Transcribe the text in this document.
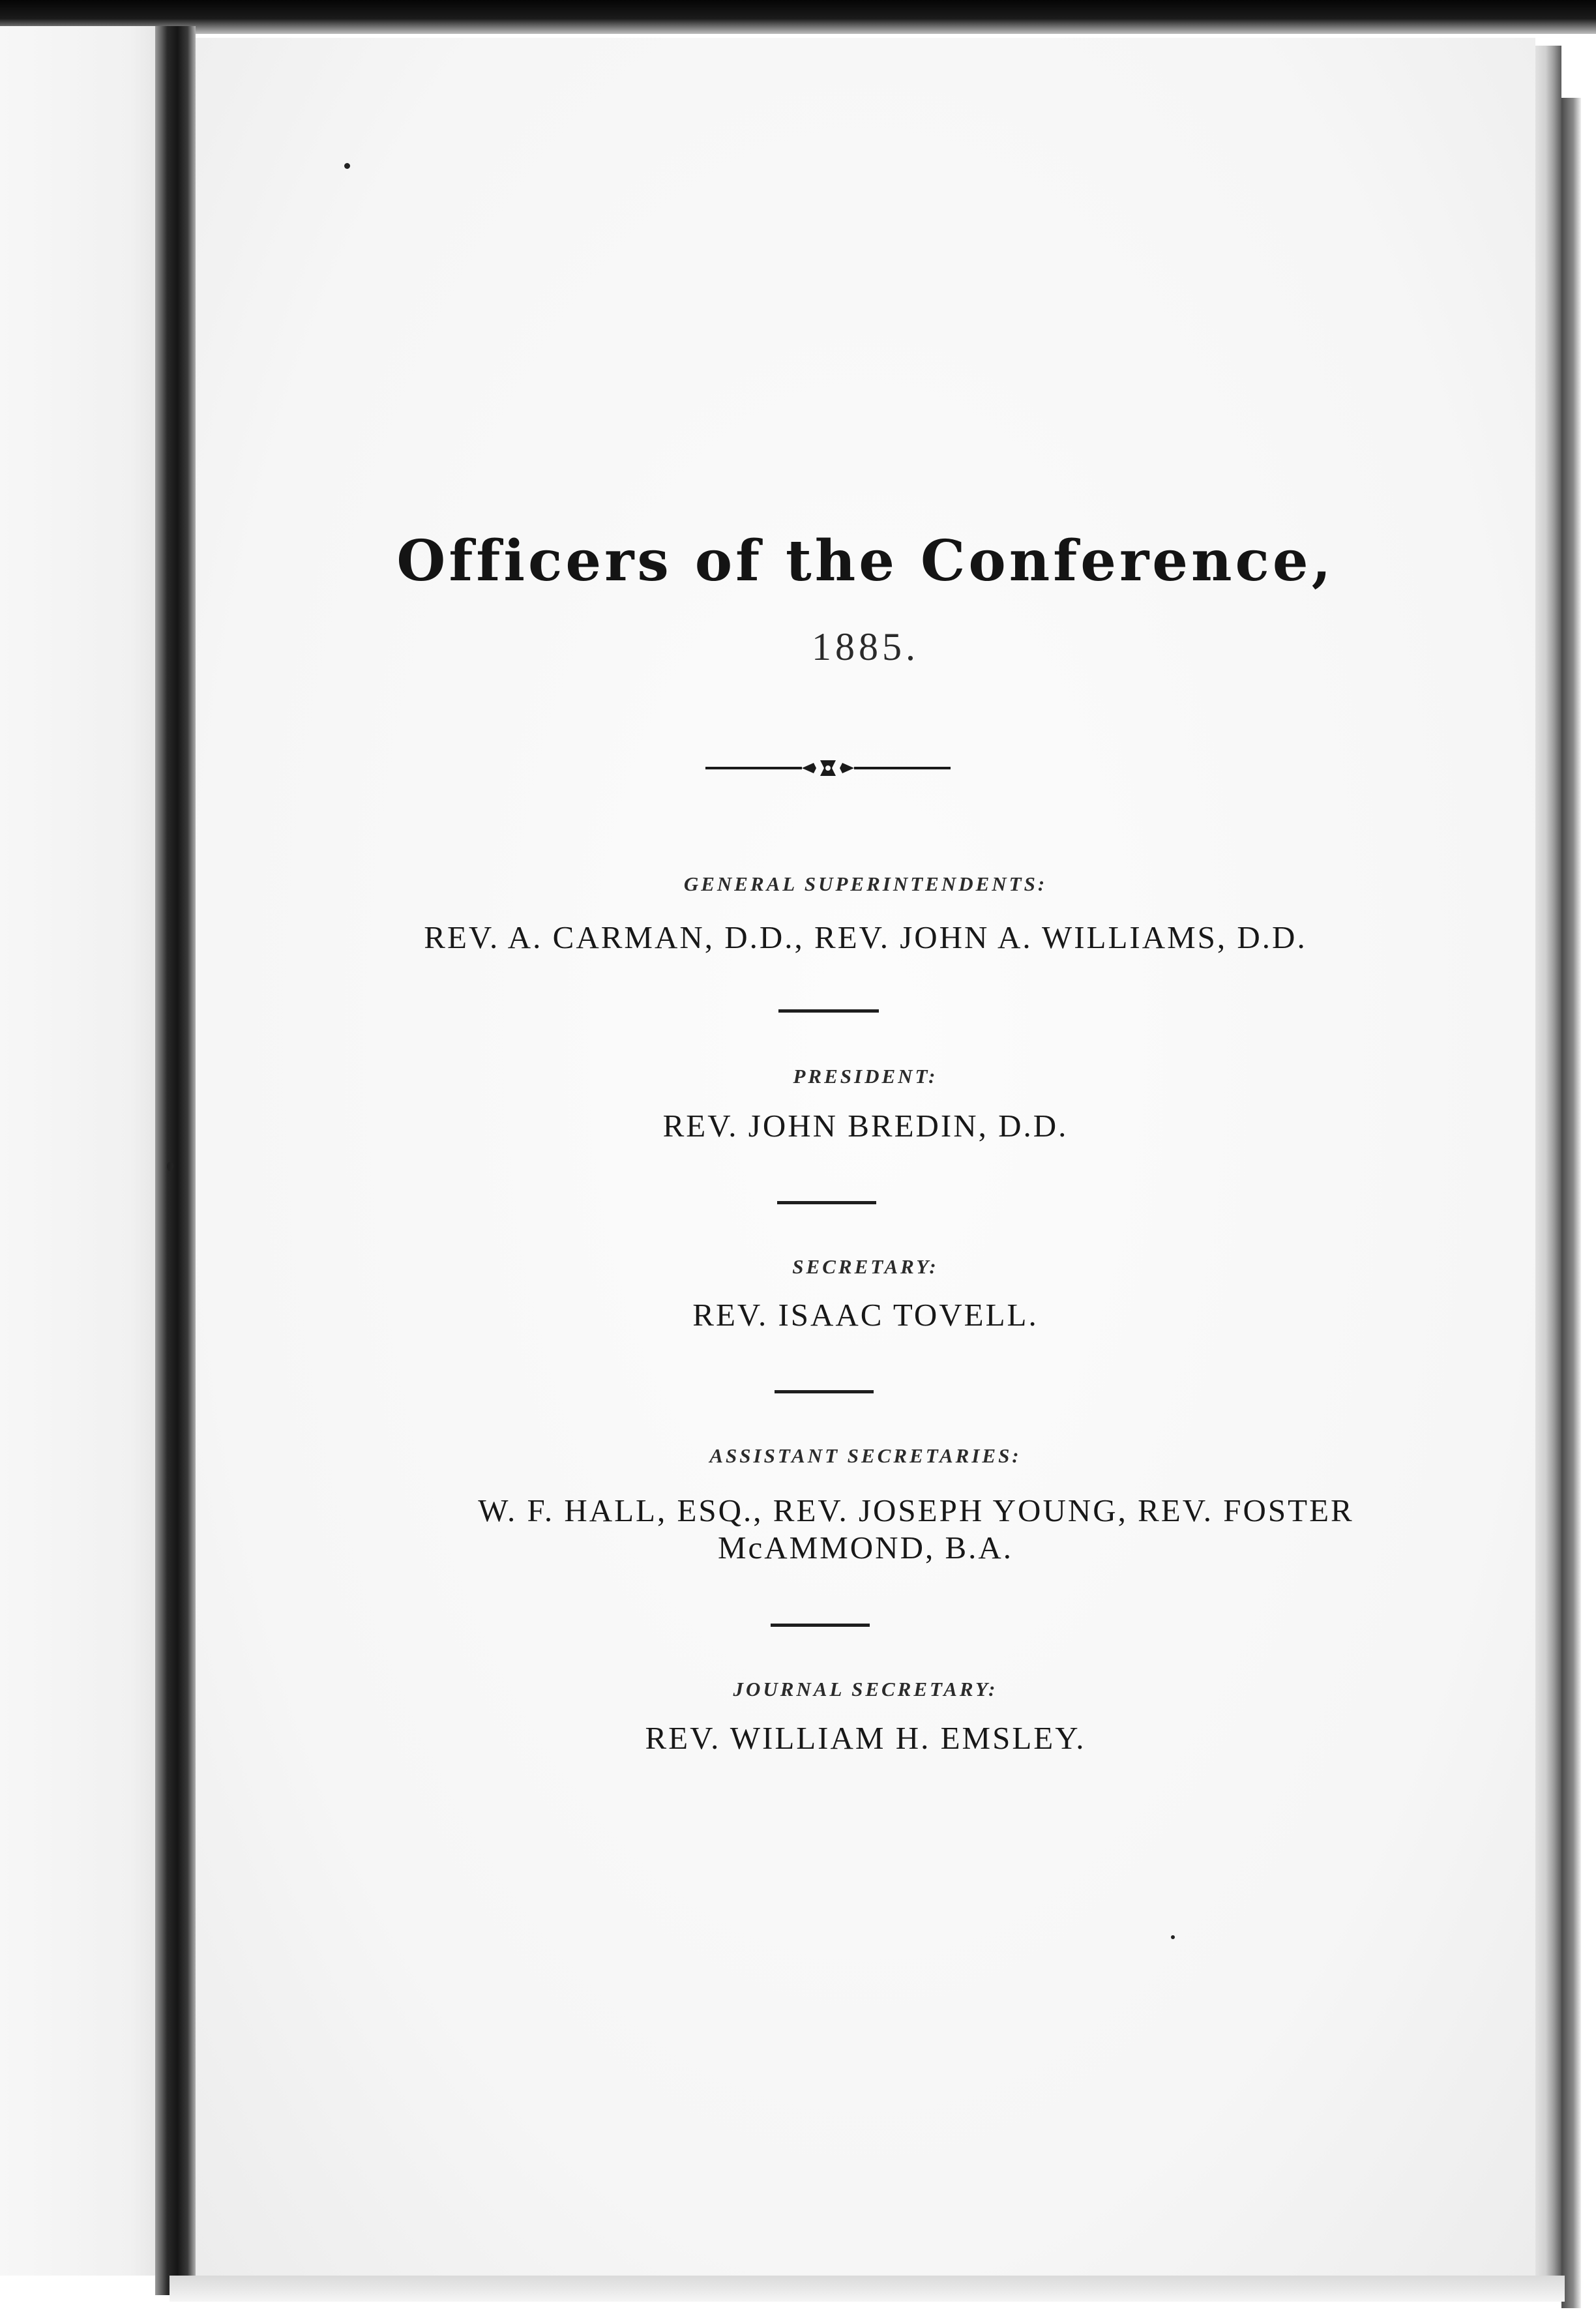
Officers of the Conference,
1885.
GENERAL SUPERINTENDENTS:
REV. A. CARMAN, D.D., REV. JOHN A. WILLIAMS, D.D.
PRESIDENT:
REV. JOHN BREDIN, D.D.
SECRETARY:
REV. ISAAC TOVELL.
ASSISTANT SECRETARIES:
W. F. HALL, ESQ., REV. JOSEPH YOUNG, REV. FOSTER
McAMMOND, B.A.
JOURNAL SECRETARY:
REV. WILLIAM H. EMSLEY.
